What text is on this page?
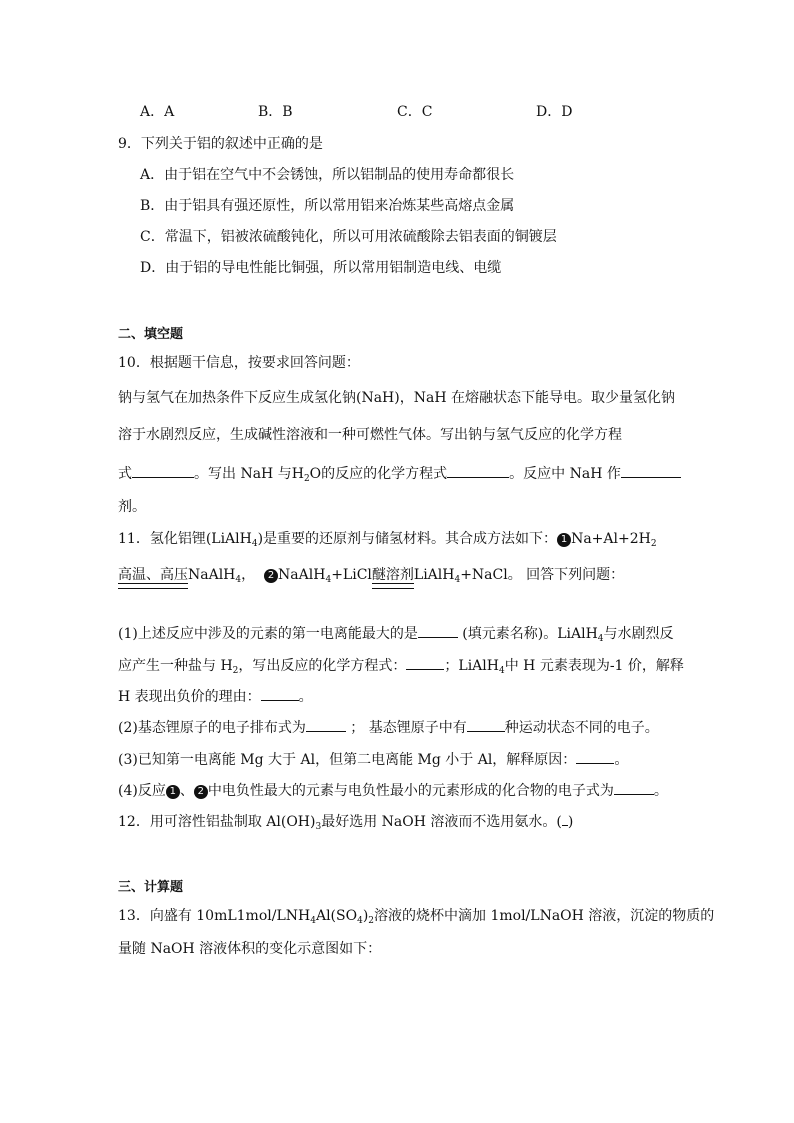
A．A	B．B	C．C	D．D
9．下列关于铝的叙述中正确的是
A．由于铝在空气中不会锈蚀，所以铝制品的使用寿命都很长
B．由于铝具有强还原性，所以常用铝来冶炼某些高熔点金属
C．常温下，铝被浓硫酸钝化，所以可用浓硫酸除去铝表面的铜镀层
D．由于铝的导电性能比铜强，所以常用铝制造电线、电缆
二、填空题
10．根据题干信息，按要求回答问题：
钠与氢气在加热条件下反应生成氢化钠(NaH)，NaH 在熔融状态下能导电。取少量氢化钠
溶于水剧烈反应，生成碱性溶液和一种可燃性气体。写出钠与氢气反应的化学方程
式	。写出 NaH 与$H_2O$的反应的化学方程式	。反应中 NaH 作
剂。
11．氢化铝锂(LiAlH$_4$)是重要的还原剂与储氢材料。其合成方法如下： 1 $Na+Al+2H_2$
高温、高压 NaAlH$_4$， 2 NaAlH$_4$+LiCl 醚溶剂 LiAlH$_4$+NaCl。 回答下列问题：
(1)上述反应中涉及的元素的第一电离能最大的是	(填元素名称)。LiAlH$_4$与水剧烈反
应产生一种盐与 $H_2$，写出反应的化学方程式：	；LiAlH$_4$中 H 元素表现为-1 价，解释
H 表现出负价的理由：	。
(2)基态锂原子的电子排布式为	； 基态锂原子中有	种运动状态不同的电子。
(3)已知第一电离能 Mg 大于 Al，但第二电离能 Mg 小于 Al，解释原因：	。
(4)反应 1 、 2 中电负性最大的元素与电负性最小的元素形成的化合物的电子式为	。
12．用可溶性铝盐制取 $Al(OH)_3$最好选用 NaOH 溶液而不选用氨水。( )
三、计算题
13．向盛有 $10mL1mol/LNH_4Al(SO_4)_2$溶液的烧杯中滴加 1mol/LNaOH 溶液，沉淀的物质的
量随 NaOH 溶液体积的变化示意图如下：
